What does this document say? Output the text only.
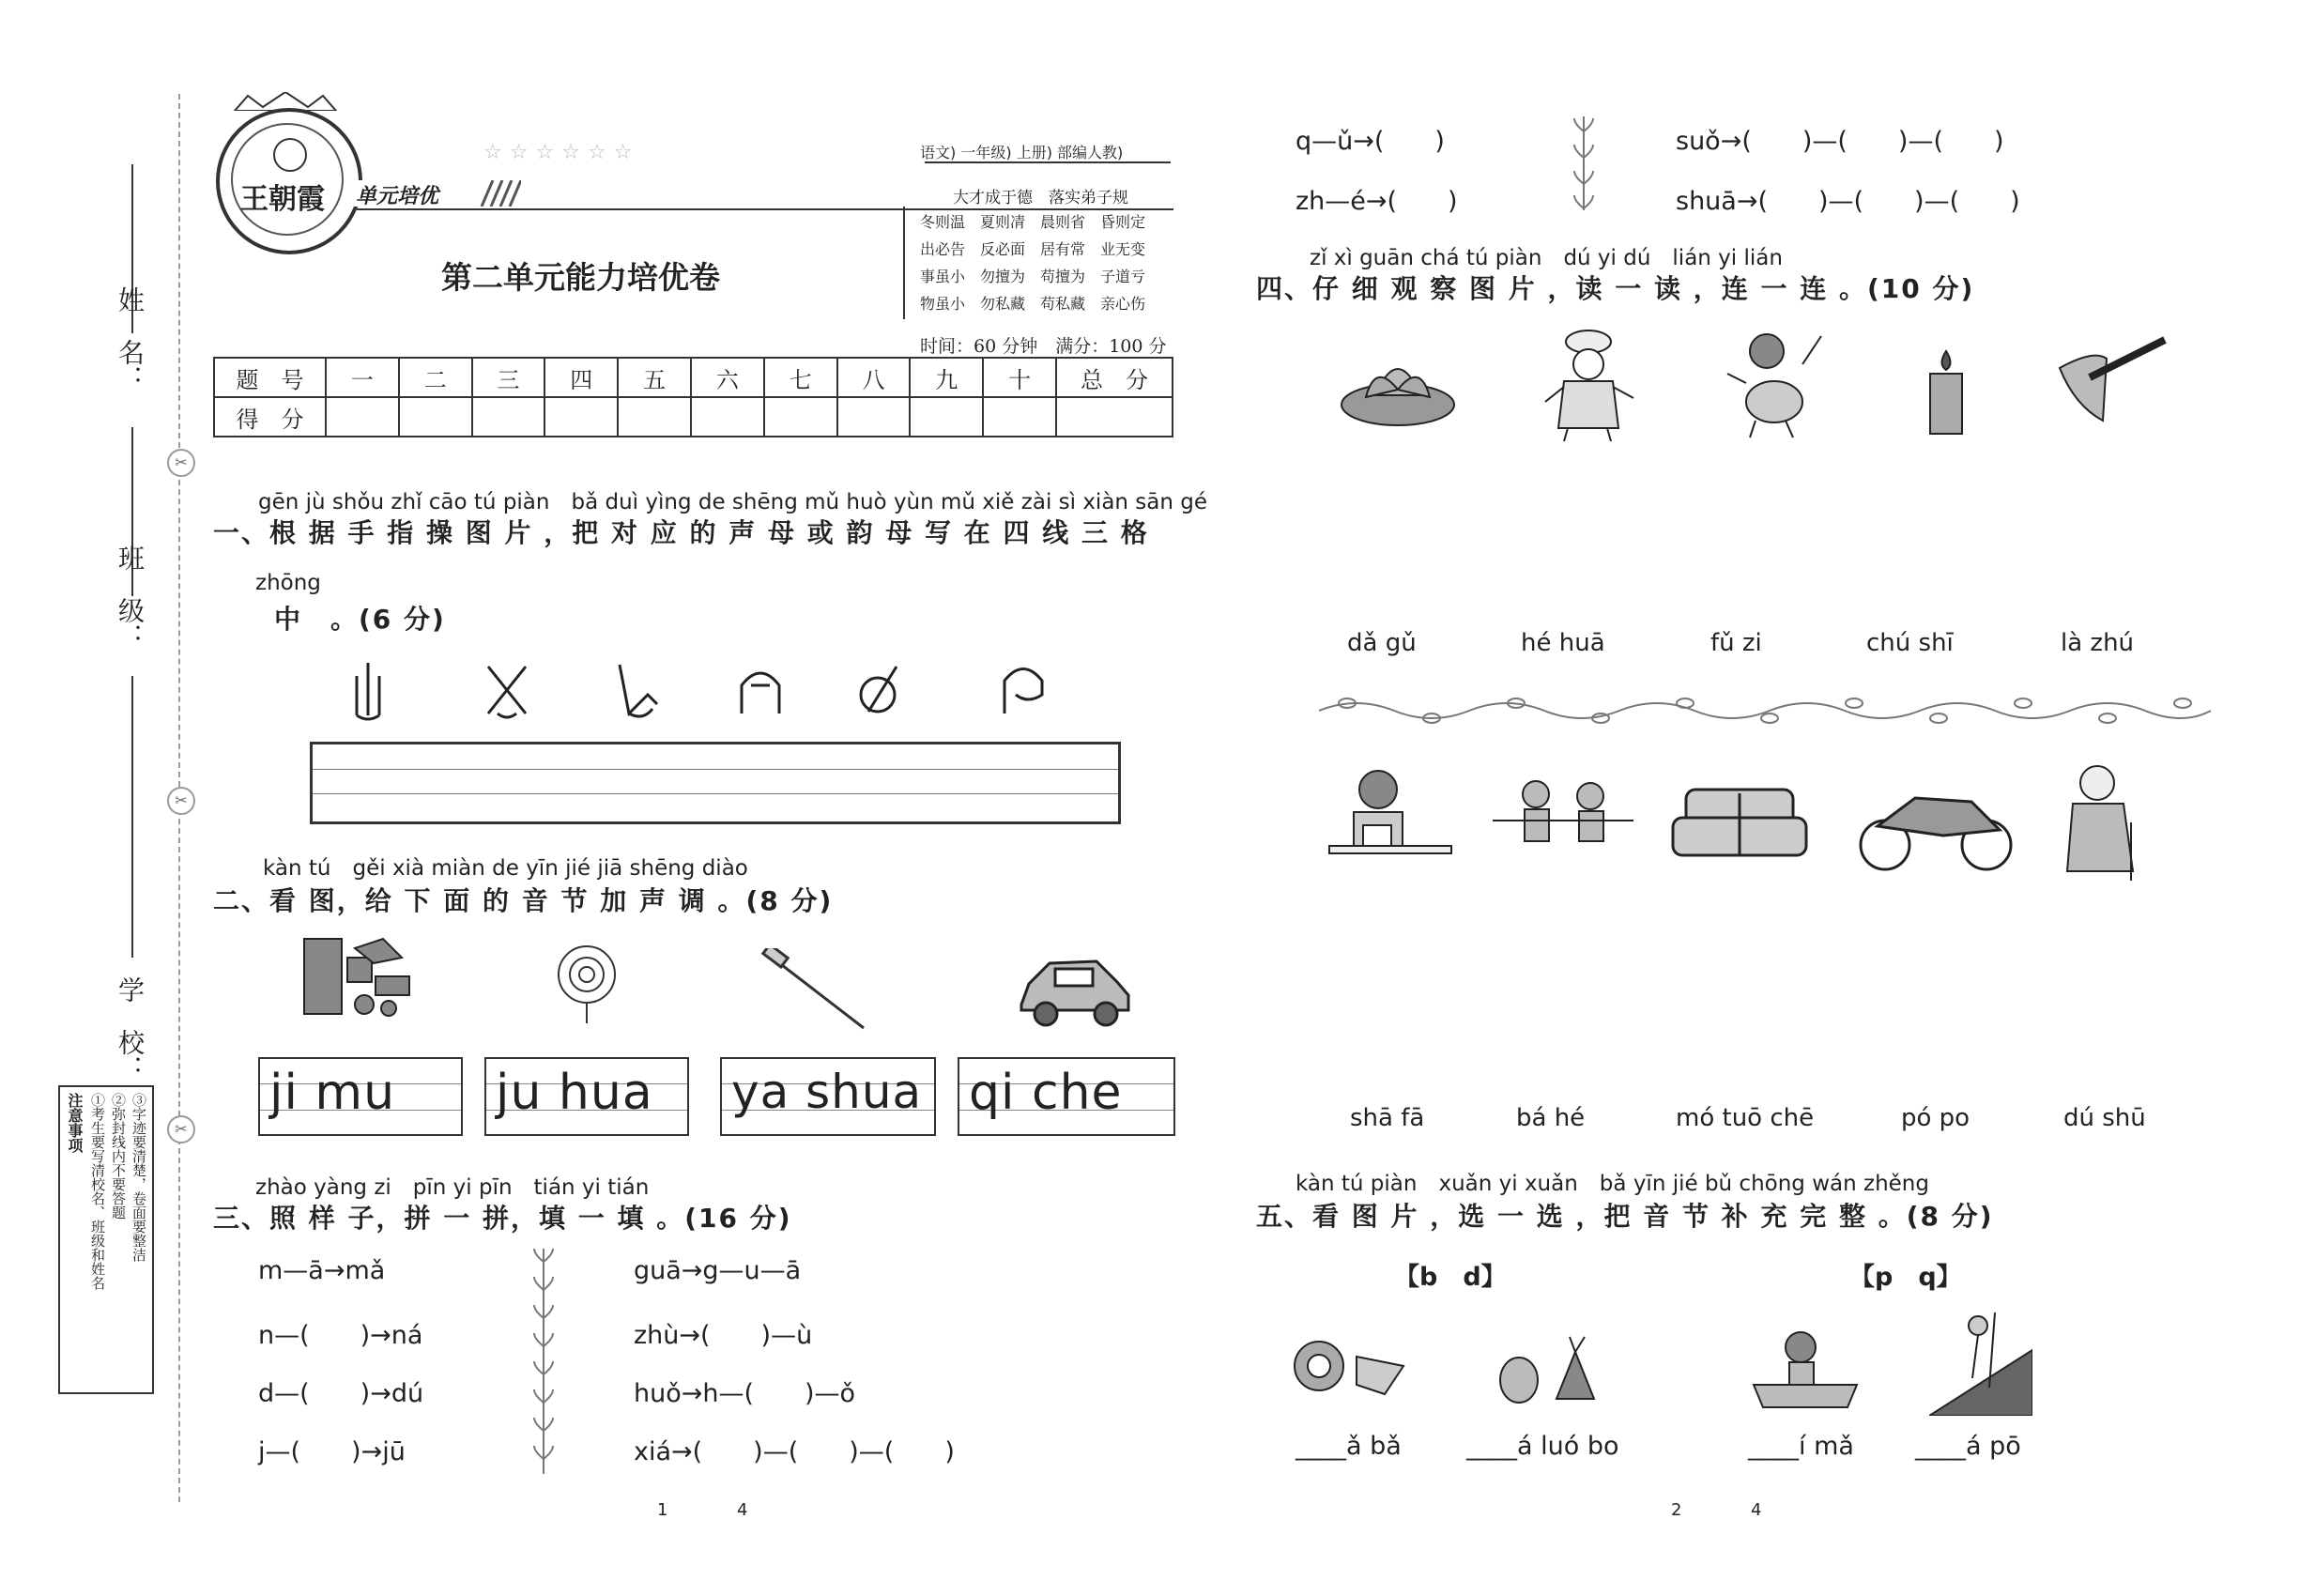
姓　名：
班　级：
学　校：
✂
✂
✂
注意事项 ①考生要写清校名、班级和姓名 ②弥封线内不要答题 ③字迹要清楚，卷面要整洁
王朝霞 单元培优
☆☆☆☆☆☆	语文) 一年级) 上册) 部编人教)
大才成于德　落实弟子规
冬则温　夏则凊　晨则省　昏则定
出必告　反必面　居有常　业无变
事虽小　勿擅为　苟擅为　子道亏
物虽小　勿私藏　苟私藏　亲心伤
第二单元能力培优卷
时间：60 分钟　满分：100 分
题　号	一	二	三	四	五	六	七	八	九	十	总　分
得　分											
gēn jù shǒu zhǐ cāo tú piàn　bǎ duì yìng de shēng mǔ huò yùn mǔ xiě zài sì xiàn sān gé
一、根 据 手 指 操 图 片 ，把 对 应 的 声 母 或 韵 母 写 在 四 线 三 格
zhōng
中　。(6 分)
kàn tú　gěi xià miàn de yīn jié jiā shēng diào
二、看 图，给 下 面 的 音 节 加 声 调 。(8 分)
ji mu ju hua ya shua qi che
zhào yàng zi　pīn yi pīn　tián yi tián
三、照 样 子，拼 一 拼，填 一 填 。(16 分)
m—ā→mǎ
n—(　　)→ná
d—(　　)→dú
j—(　　)→jū
guā→g—u—ā
zhù→(　　)—ù
huǒ→h—(　　)—ǒ
xiá→(　　)—(　　)—(　　)
1	4
q—ǔ→(　　)
zh—é→(　　)
suǒ→(　　)—(　　)—(　　)
shuā→(　　)—(　　)—(　　)
zǐ xì guān chá tú piàn　dú yi dú　lián yi lián
四、仔 细 观 察 图 片 ，读 一 读 ，连 一 连 。(10 分)
dǎ gǔ	hé huā	fǔ zi	chú shī	là zhú
shā fā	bá hé	mó tuō chē	pó po	dú shū
kàn tú piàn　xuǎn yi xuǎn　bǎ yīn jié bǔ chōng wán zhěng
五、看 图 片 ，选 一 选 ，把 音 节 补 充 完 整 。(8 分)
【b　d】	【p　q】
____ǎ bǎ	____á luó bo	____í mǎ ____á pō
2	4
